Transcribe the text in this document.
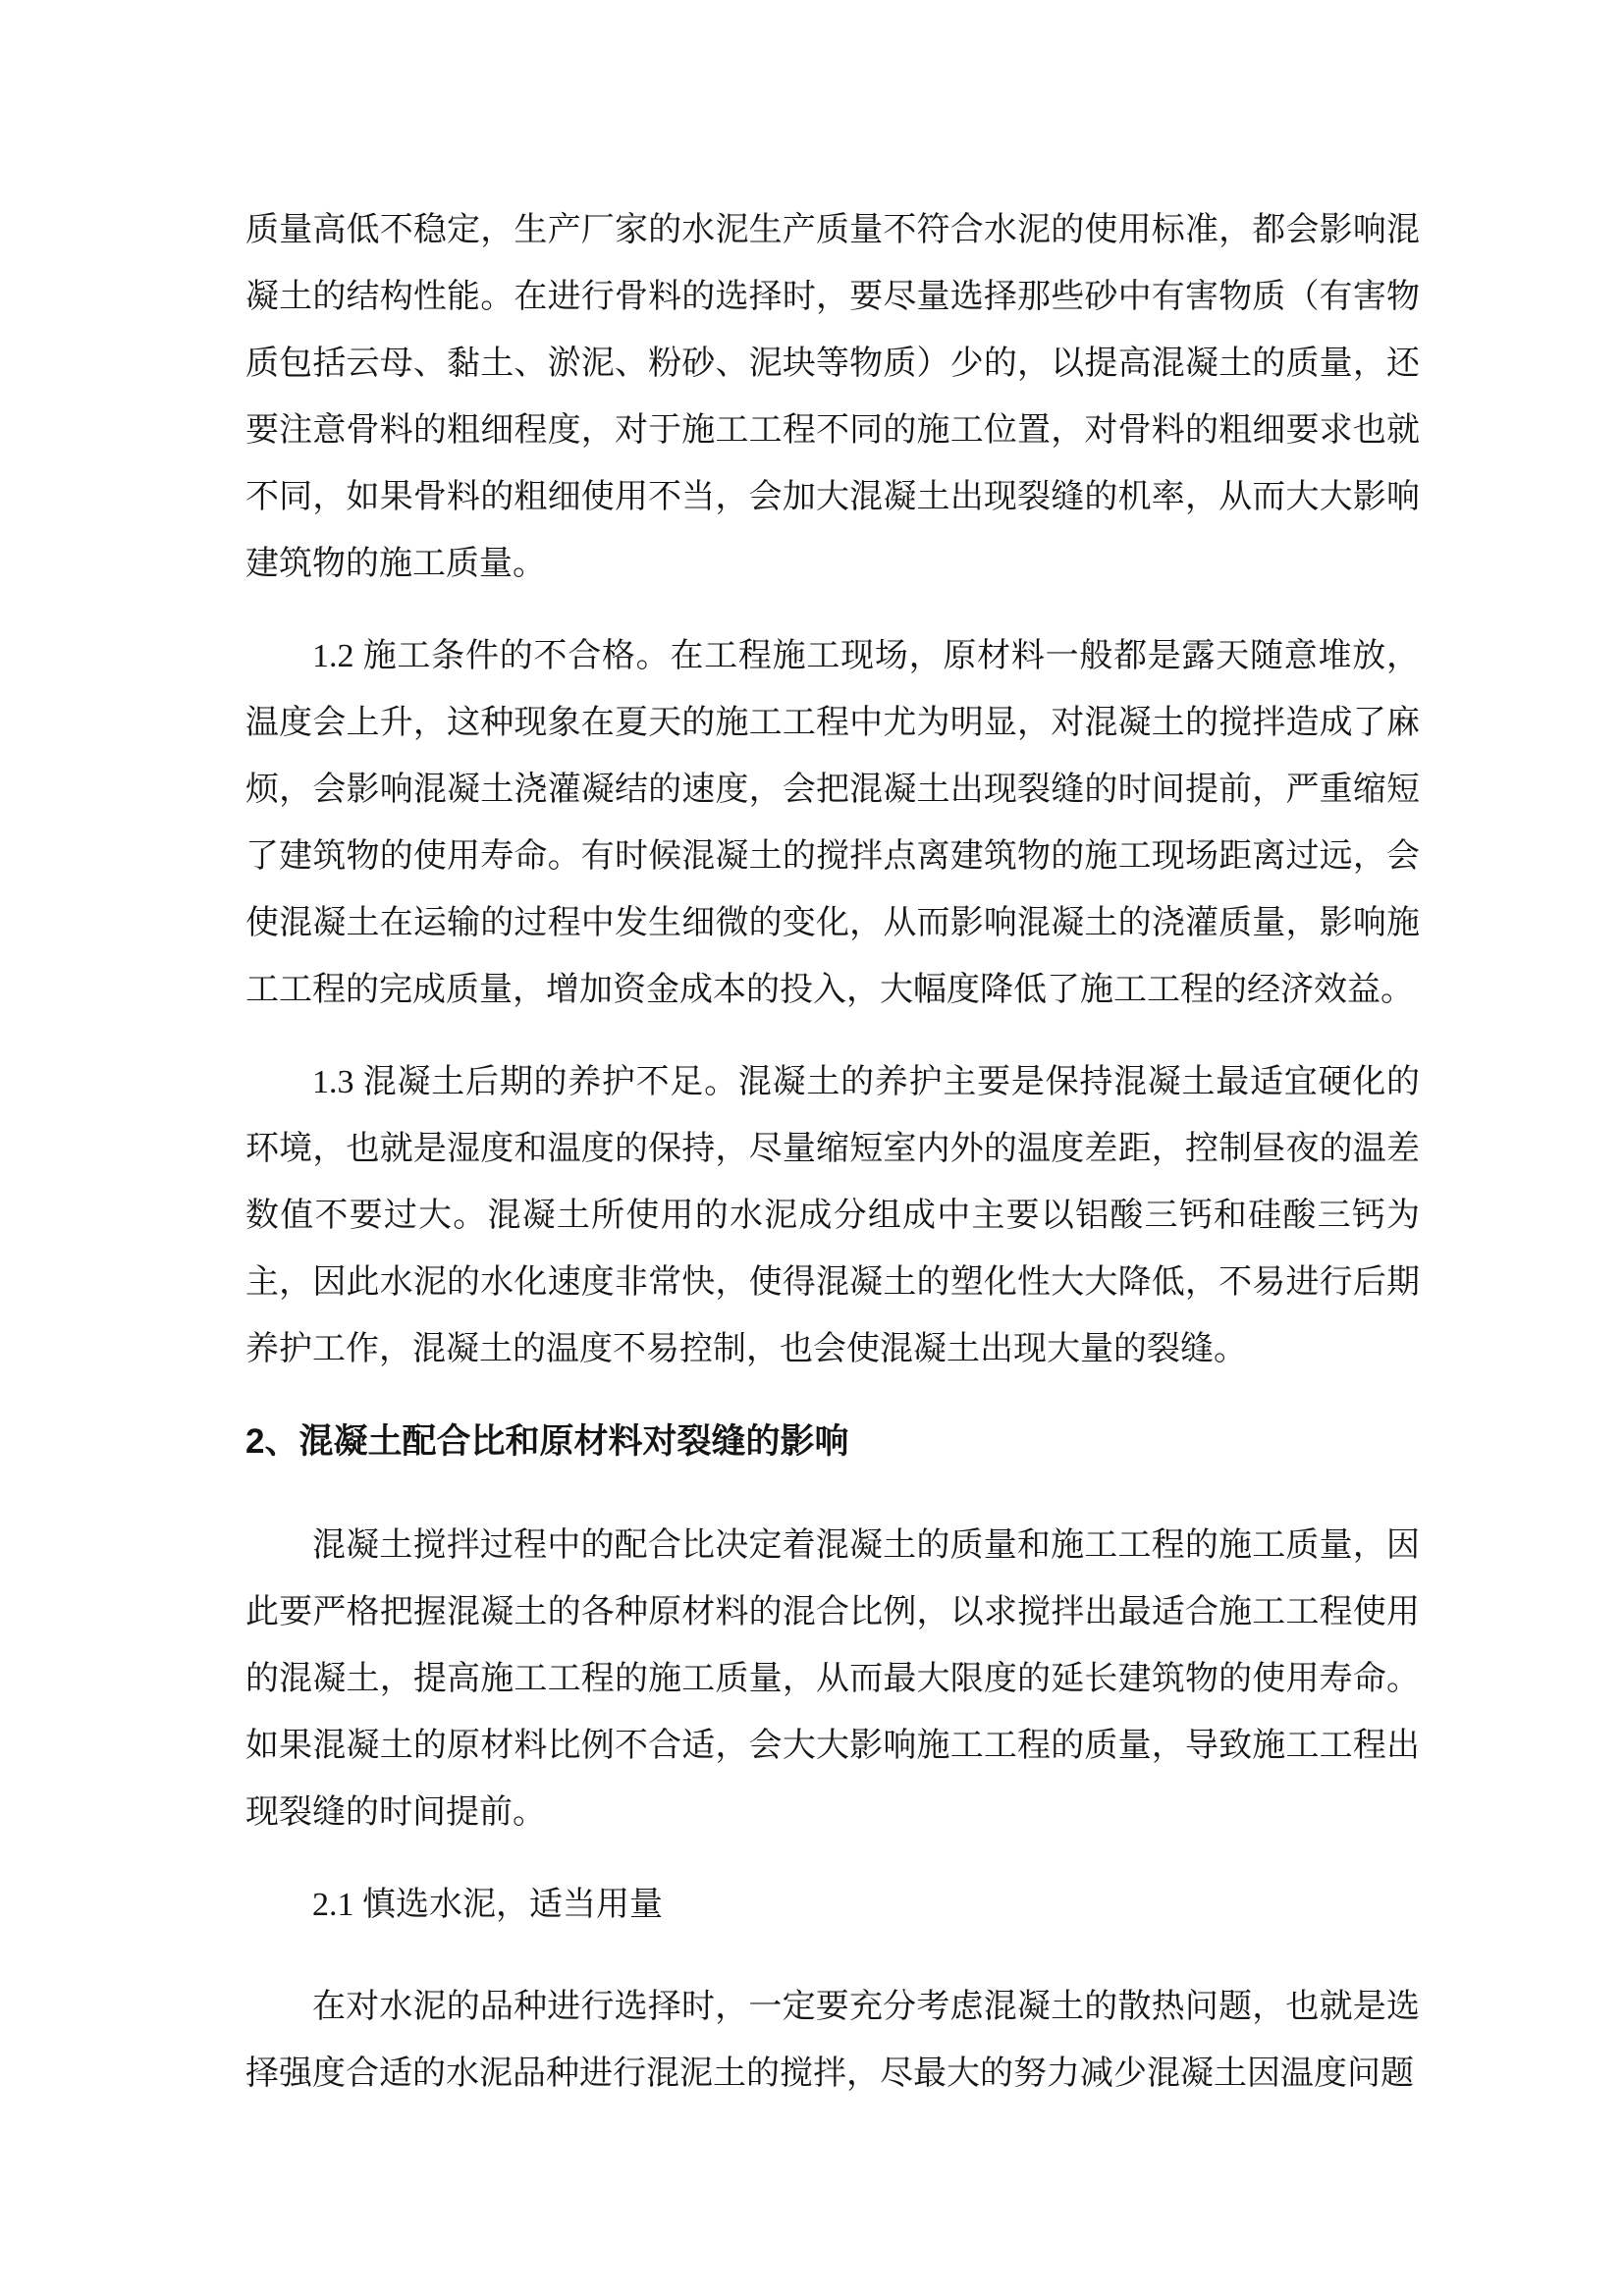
质量高低不稳定，生产厂家的水泥生产质量不符合水泥的使用标准，都会影响混凝土的结构性能。在进行骨料的选择时，要尽量选择那些砂中有害物质（有害物质包括云母、黏土、淤泥、粉砂、泥块等物质）少的，以提高混凝土的质量，还要注意骨料的粗细程度，对于施工工程不同的施工位置，对骨料的粗细要求也就不同，如果骨料的粗细使用不当，会加大混凝土出现裂缝的机率，从而大大影响建筑物的施工质量。

1.2 施工条件的不合格。在工程施工现场，原材料一般都是露天随意堆放，温度会上升，这种现象在夏天的施工工程中尤为明显，对混凝土的搅拌造成了麻烦，会影响混凝土浇灌凝结的速度，会把混凝土出现裂缝的时间提前，严重缩短了建筑物的使用寿命。有时候混凝土的搅拌点离建筑物的施工现场距离过远，会使混凝土在运输的过程中发生细微的变化，从而影响混凝土的浇灌质量，影响施工工程的完成质量，增加资金成本的投入，大幅度降低了施工工程的经济效益。

1.3 混凝土后期的养护不足。混凝土的养护主要是保持混凝土最适宜硬化的环境，也就是湿度和温度的保持，尽量缩短室内外的温度差距，控制昼夜的温差数值不要过大。混凝土所使用的水泥成分组成中主要以铝酸三钙和硅酸三钙为主，因此水泥的水化速度非常快，使得混凝土的塑化性大大降低，不易进行后期养护工作，混凝土的温度不易控制，也会使混凝土出现大量的裂缝。

2、混凝土配合比和原材料对裂缝的影响

混凝土搅拌过程中的配合比决定着混凝土的质量和施工工程的施工质量，因此要严格把握混凝土的各种原材料的混合比例，以求搅拌出最适合施工工程使用的混凝土，提高施工工程的施工质量，从而最大限度的延长建筑物的使用寿命。如果混凝土的原材料比例不合适，会大大影响施工工程的质量，导致施工工程出现裂缝的时间提前。

2.1 慎选水泥，适当用量

在对水泥的品种进行选择时，一定要充分考虑混凝土的散热问题，也就是选择强度合适的水泥品种进行混泥土的搅拌，尽最大的努力减少混凝土因温度问题
